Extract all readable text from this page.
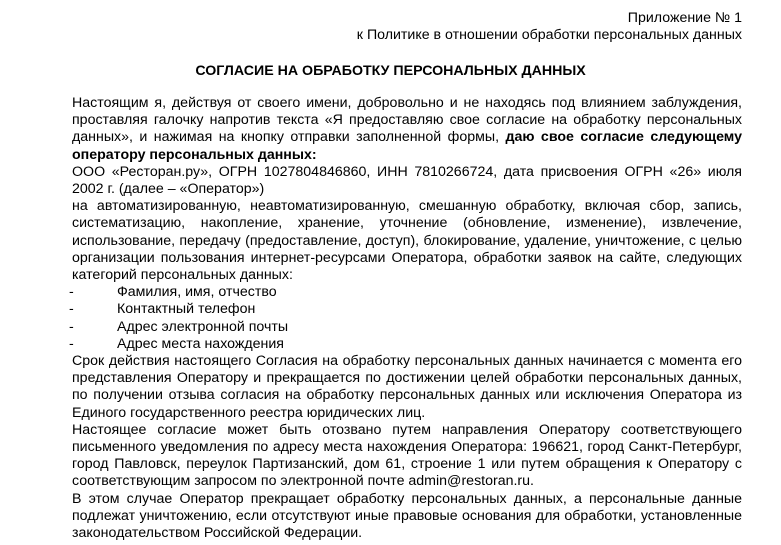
Приложение № 1
к Политике в отношении обработки персональных данных
СОГЛАСИЕ НА ОБРАБОТКУ ПЕРСОНАЛЬНЫХ ДАННЫХ

Настоящим я, действуя от своего имени, добровольно и не находясь под влиянием заблуждения, проставляя галочку напротив текста «Я предоставляю свое согласие на обработку персональных данных», и нажимая на кнопку отправки заполненной формы, даю свое согласие следующему оператору персональных данных:

ООО «Ресторан.ру», ОГРН 1027804846860, ИНН 7810266724, дата присвоения ОГРН «26» июля 2002 г. (далее – «Оператор»)

на автоматизированную, неавтоматизированную, смешанную обработку, включая сбор, запись, систематизацию, накопление, хранение, уточнение (обновление, изменение), извлечение, использование, передачу (предоставление, доступ), блокирование, удаление, уничтожение, с целью организации пользования интернет-ресурсами Оператора, обработки заявок на сайте, следующих категорий персональных данных:

-	Фамилия, имя, отчество
-	Контактный телефон
-	Адрес электронной почты
-	Адрес места нахождения

Срок действия настоящего Согласия на обработку персональных данных начинается с момента его представления Оператору и прекращается по достижении целей обработки персональных данных, по получении отзыва согласия на обработку персональных данных или исключения Оператора из Единого государственного реестра юридических лиц.

Настоящее согласие может быть отозвано путем направления Оператору соответствующего письменного уведомления по адресу места нахождения Оператора: 196621, город Санкт-Петербург, город Павловск, переулок Партизанский, дом 61, строение 1 или путем обращения к Оператору с соответствующим запросом по электронной почте admin@restoran.ru.

В этом случае Оператор прекращает обработку персональных данных, а персональные данные подлежат уничтожению, если отсутствуют иные правовые основания для обработки, установленные законодательством Российской Федерации.
